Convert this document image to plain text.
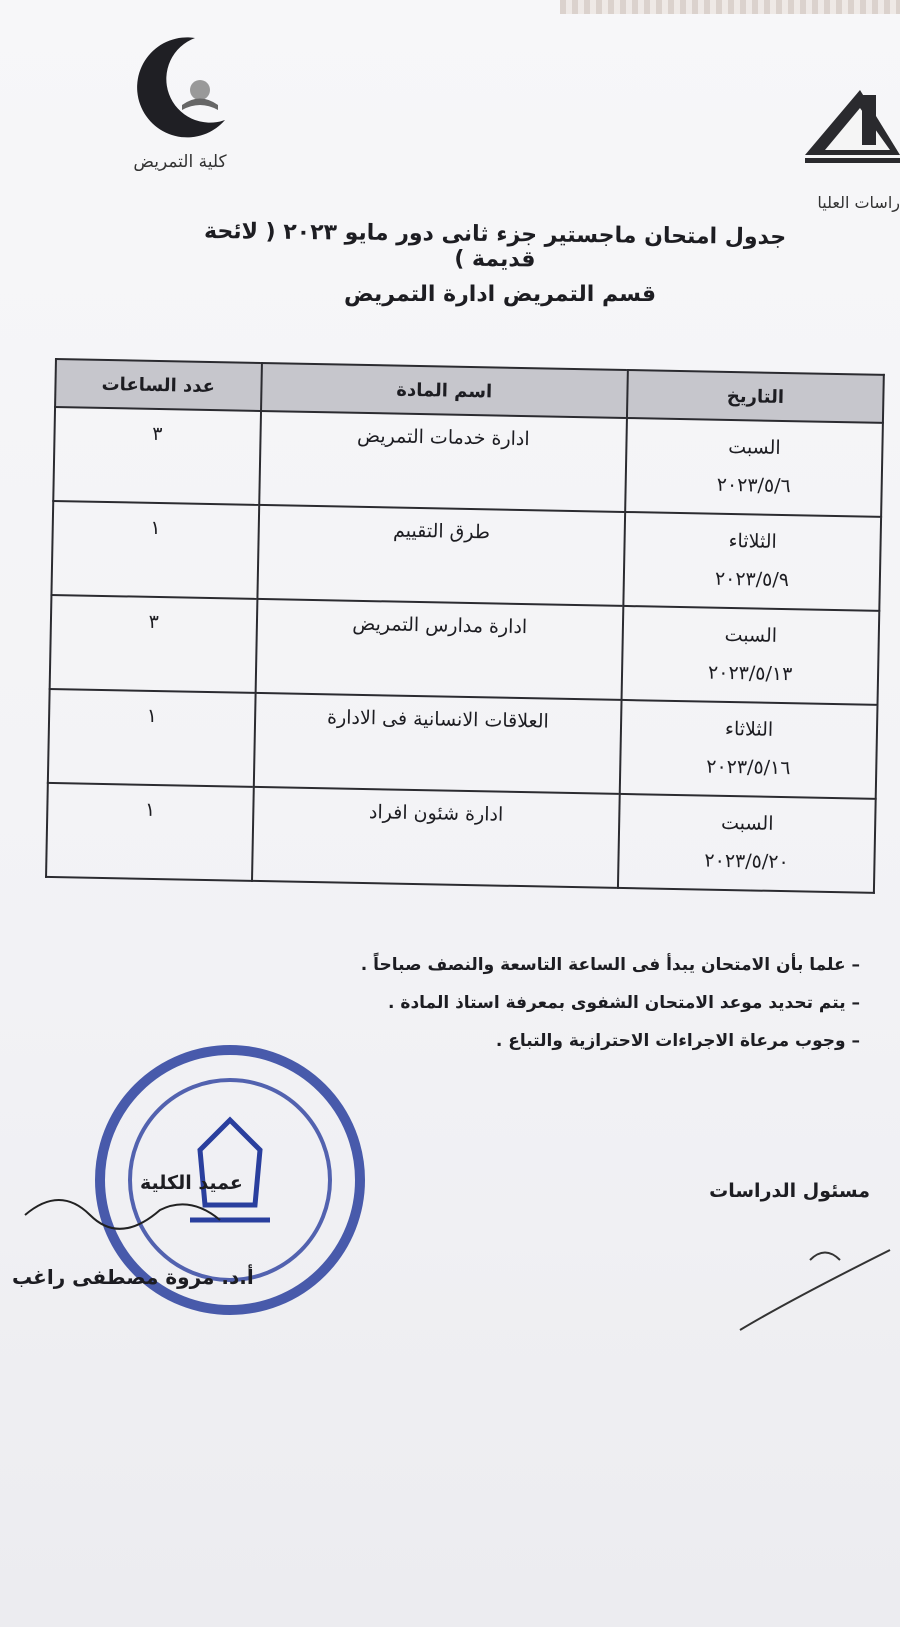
كلية التمريض
راسات العليا
جدول امتحان ماجستير جزء ثانى دور مايو ٢٠٢٣ ( لائحة قديمة )
قسم التمريض ادارة التمريض
التاريخ	اسم المادة	عدد الساعات

السبت
٢٠٢٣/٥/٦	ادارة خدمات التمريض	٣

الثلاثاء
٢٠٢٣/٥/٩	طرق التقييم	١

السبت
٢٠٢٣/٥/١٣	ادارة مدارس التمريض	٣

الثلاثاء
٢٠٢٣/٥/١٦	العلاقات الانسانية فى الادارة	١

السبت
٢٠٢٣/٥/٢٠	ادارة شئون افراد	١
– علما بأن الامتحان يبدأ فى الساعة التاسعة والنصف صباحاً .
– يتم تحديد موعد الامتحان الشفوى بمعرفة استاذ المادة .
– وجوب مرعاة الاجراءات الاحترازية والتباع .
عميد الكلية
أ.د. مروة مصطفى راغب
مسئول الدراسات
